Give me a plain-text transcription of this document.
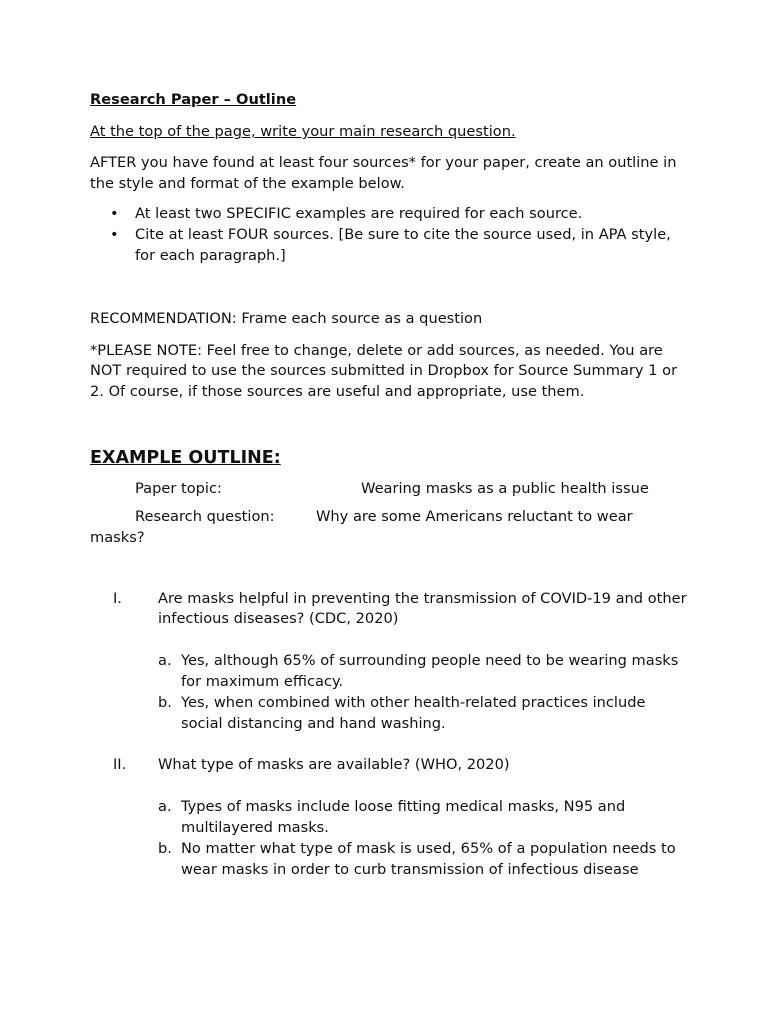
Research Paper – Outline

At the top of the page, write your main research question.

AFTER you have found at least four sources* for your paper, create an outline in the style and format of the example below.

• At least two SPECIFIC examples are required for each source.
• Cite at least FOUR sources. [Be sure to cite the source used, in APA style, for each paragraph.]

RECOMMENDATION: Frame each source as a question

*PLEASE NOTE: Feel free to change, delete or add sources, as needed. You are NOT required to use the sources submitted in Dropbox for Source Summary 1 or 2. Of course, if those sources are useful and appropriate, use them.

EXAMPLE OUTLINE:
Paper topic:	Wearing masks as a public health issue

Research question:	Why are some Americans reluctant to wear masks?

I. Are masks helpful in preventing the transmission of COVID-19 and other infectious diseases? (CDC, 2020)

a. Yes, although 65% of surrounding people need to be wearing masks for maximum efficacy.
b. Yes, when combined with other health-related practices include social distancing and hand washing.
II. What type of masks are available? (WHO, 2020)

a. Types of masks include loose fitting medical masks, N95 and multilayered masks.
b. No matter what type of mask is used, 65% of a population needs to wear masks in order to curb transmission of infectious disease
